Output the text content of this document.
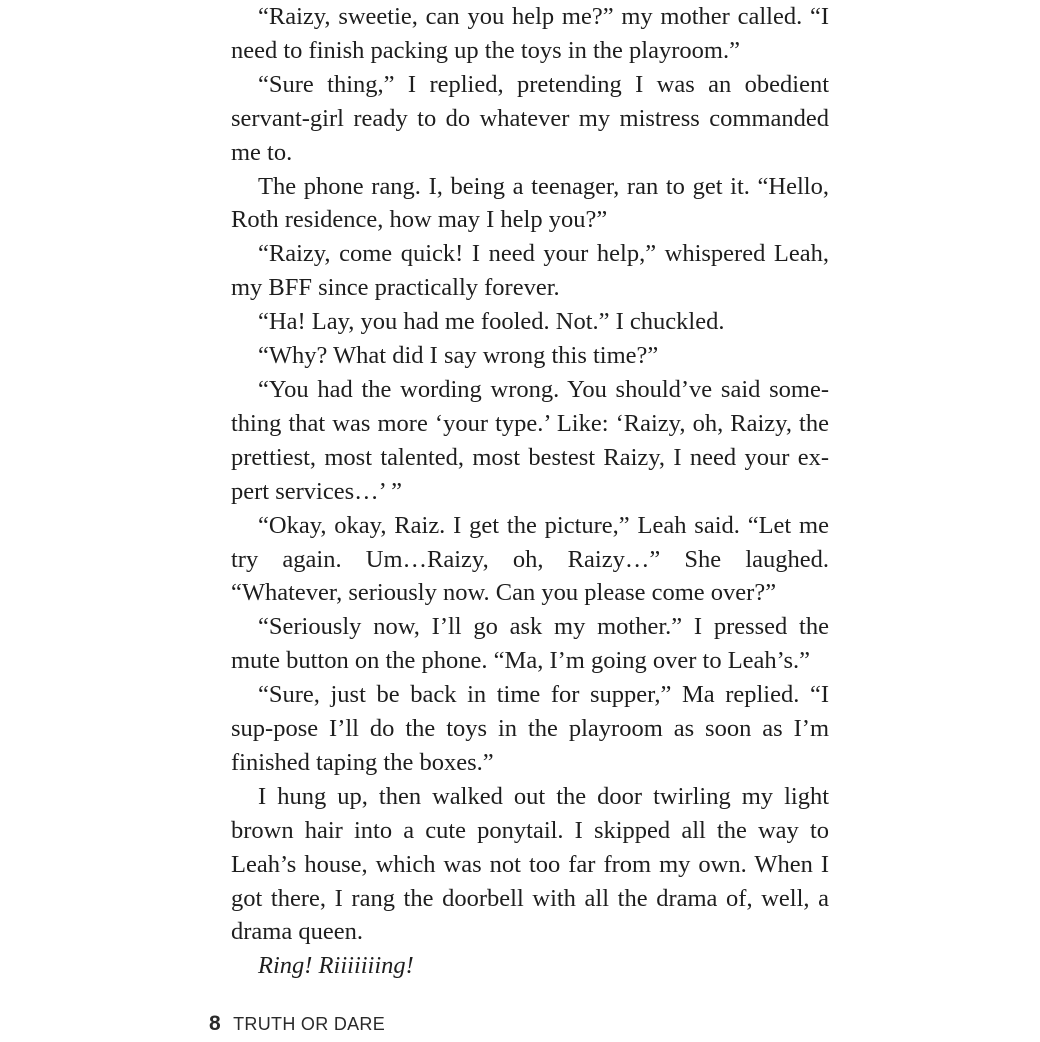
“Raizy, sweetie, can you help me?” my mother called. “I need to finish packing up the toys in the playroom.”

“Sure thing,” I replied, pretending I was an obedient servant-girl ready to do whatever my mistress commanded me to.

The phone rang. I, being a teenager, ran to get it. “Hello, Roth residence, how may I help you?”

“Raizy, come quick! I need your help,” whispered Leah, my BFF since practically forever.

“Ha! Lay, you had me fooled. Not.” I chuckled.

“Why? What did I say wrong this time?”

“You had the wording wrong. You should’ve said some-thing that was more ‘your type.’ Like: ‘Raizy, oh, Raizy, the prettiest, most talented, most bestest Raizy, I need your ex-pert services…’ ”

“Okay, okay, Raiz. I get the picture,” Leah said. “Let me try again. Um…Raizy, oh, Raizy…” She laughed. “Whatever, seriously now. Can you please come over?”

“Seriously now, I’ll go ask my mother.” I pressed the mute button on the phone. “Ma, I’m going over to Leah’s.”

“Sure, just be back in time for supper,” Ma replied. “I sup-pose I’ll do the toys in the playroom as soon as I’m finished taping the boxes.”

I hung up, then walked out the door twirling my light brown hair into a cute ponytail. I skipped all the way to Leah’s house, which was not too far from my own. When I got there, I rang the doorbell with all the drama of, well, a drama queen.

Ring! Riiiiiiing!

8 TRUTH OR DARE
